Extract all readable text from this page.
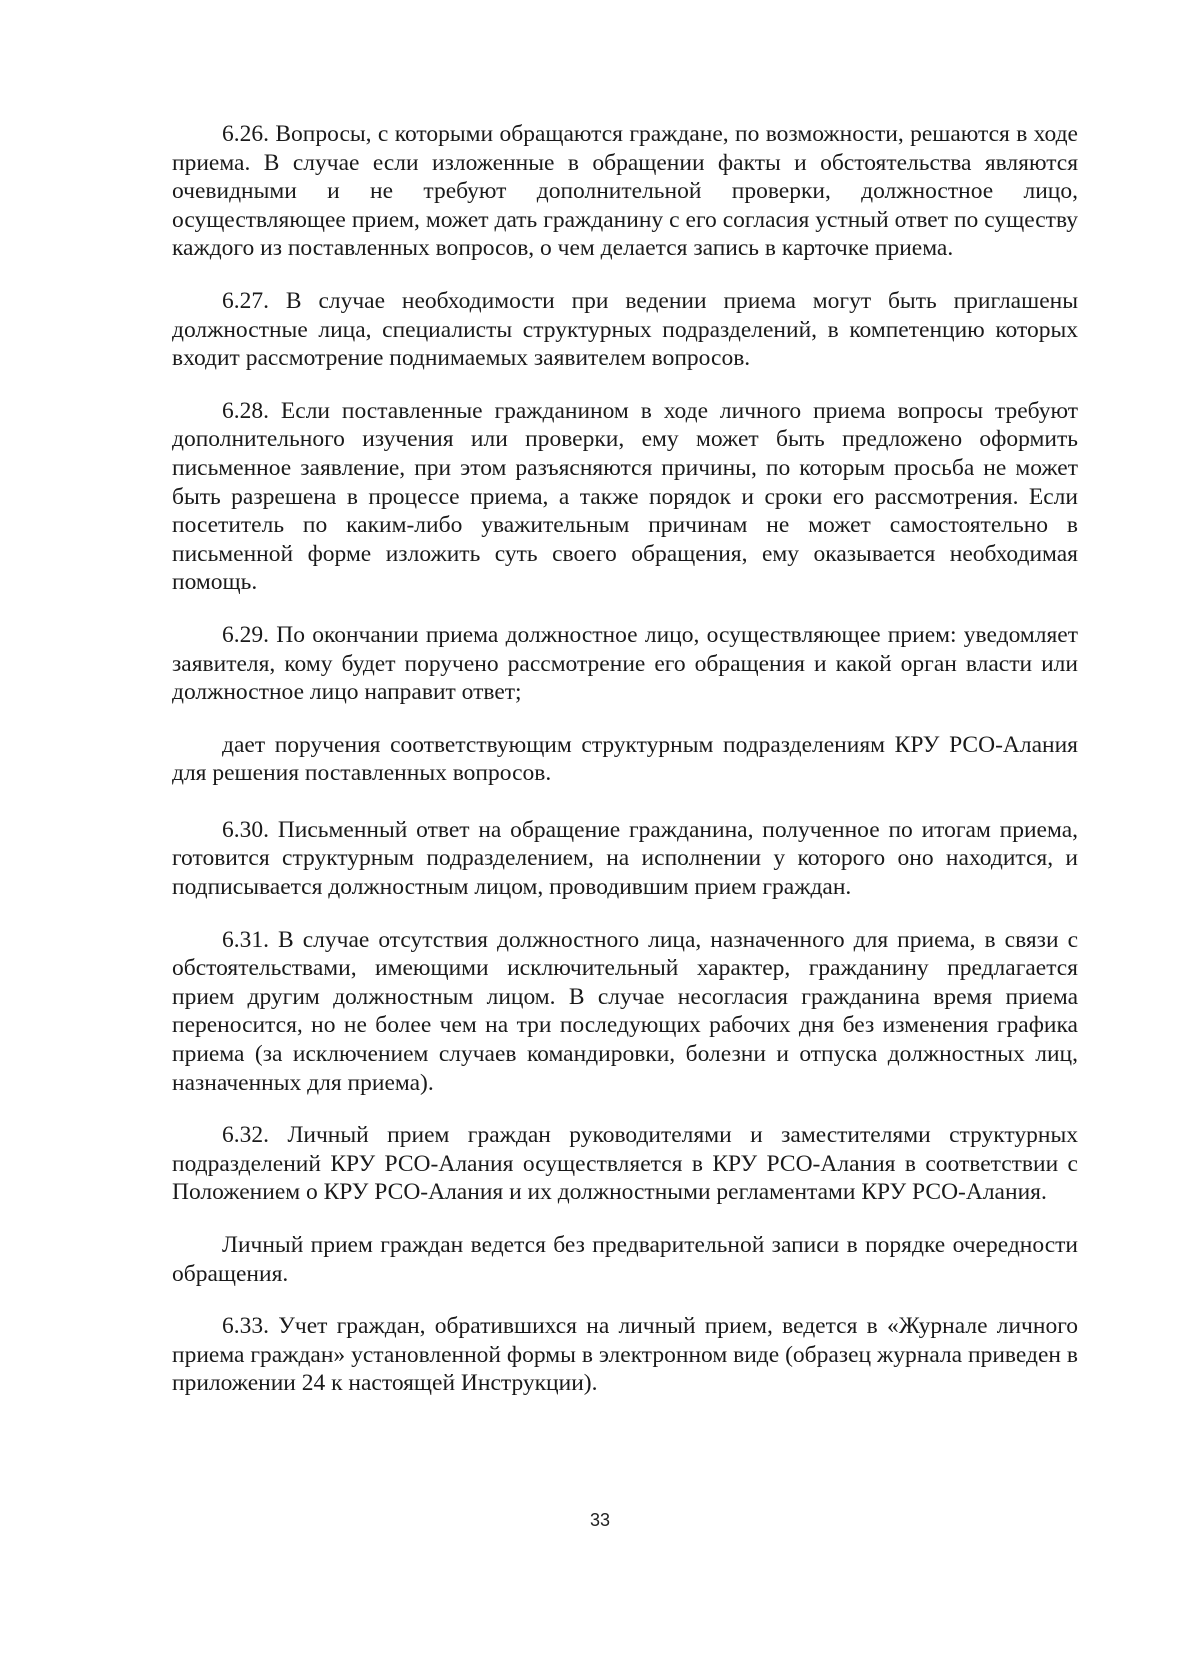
6.26. Вопросы, с которыми обращаются граждане, по возможности, решаются в ходе приема. В случае если изложенные в обращении факты и обстоятельства являются очевидными и не требуют дополнительной проверки, должностное лицо, осуществляющее прием, может дать гражданину с его согласия устный ответ по существу каждого из поставленных вопросов, о чем делается запись в карточке приема.

6.27. В случае необходимости при ведении приема могут быть приглашены должностные лица, специалисты структурных подразделений, в компетенцию которых входит рассмотрение поднимаемых заявителем вопросов.

6.28. Если поставленные гражданином в ходе личного приема вопросы требуют дополнительного изучения или проверки, ему может быть предложено оформить письменное заявление, при этом разъясняются причины, по которым просьба не может быть разрешена в процессе приема, а также порядок и сроки его рассмотрения. Если посетитель по каким-либо уважительным причинам не может самостоятельно в письменной форме изложить суть своего обращения, ему оказывается необходимая помощь.

6.29. По окончании приема должностное лицо, осуществляющее прием: уведомляет заявителя, кому будет поручено рассмотрение его обращения и какой орган власти или должностное лицо направит ответ;

дает поручения соответствующим структурным подразделениям КРУ РСО-Алания для решения поставленных вопросов.

6.30. Письменный ответ на обращение гражданина, полученное по итогам приема, готовится структурным подразделением, на исполнении у которого оно находится, и подписывается должностным лицом, проводившим прием граждан.

6.31. В случае отсутствия должностного лица, назначенного для приема, в связи с обстоятельствами, имеющими исключительный характер, гражданину предлагается прием другим должностным лицом. В случае несогласия гражданина время приема переносится, но не более чем на три последующих рабочих дня без изменения графика приема (за исключением случаев командировки, болезни и отпуска должностных лиц, назначенных для приема).

6.32. Личный прием граждан руководителями и заместителями структурных подразделений КРУ РСО-Алания осуществляется в КРУ РСО-Алания в соответствии с Положением о КРУ РСО-Алания и их должностными регламентами КРУ РСО-Алания.

Личный прием граждан ведется без предварительной записи в порядке очередности обращения.

6.33. Учет граждан, обратившихся на личный прием, ведется в «Журнале личного приема граждан» установленной формы в электронном виде (образец журнала приведен в приложении 24 к настоящей Инструкции).

33
